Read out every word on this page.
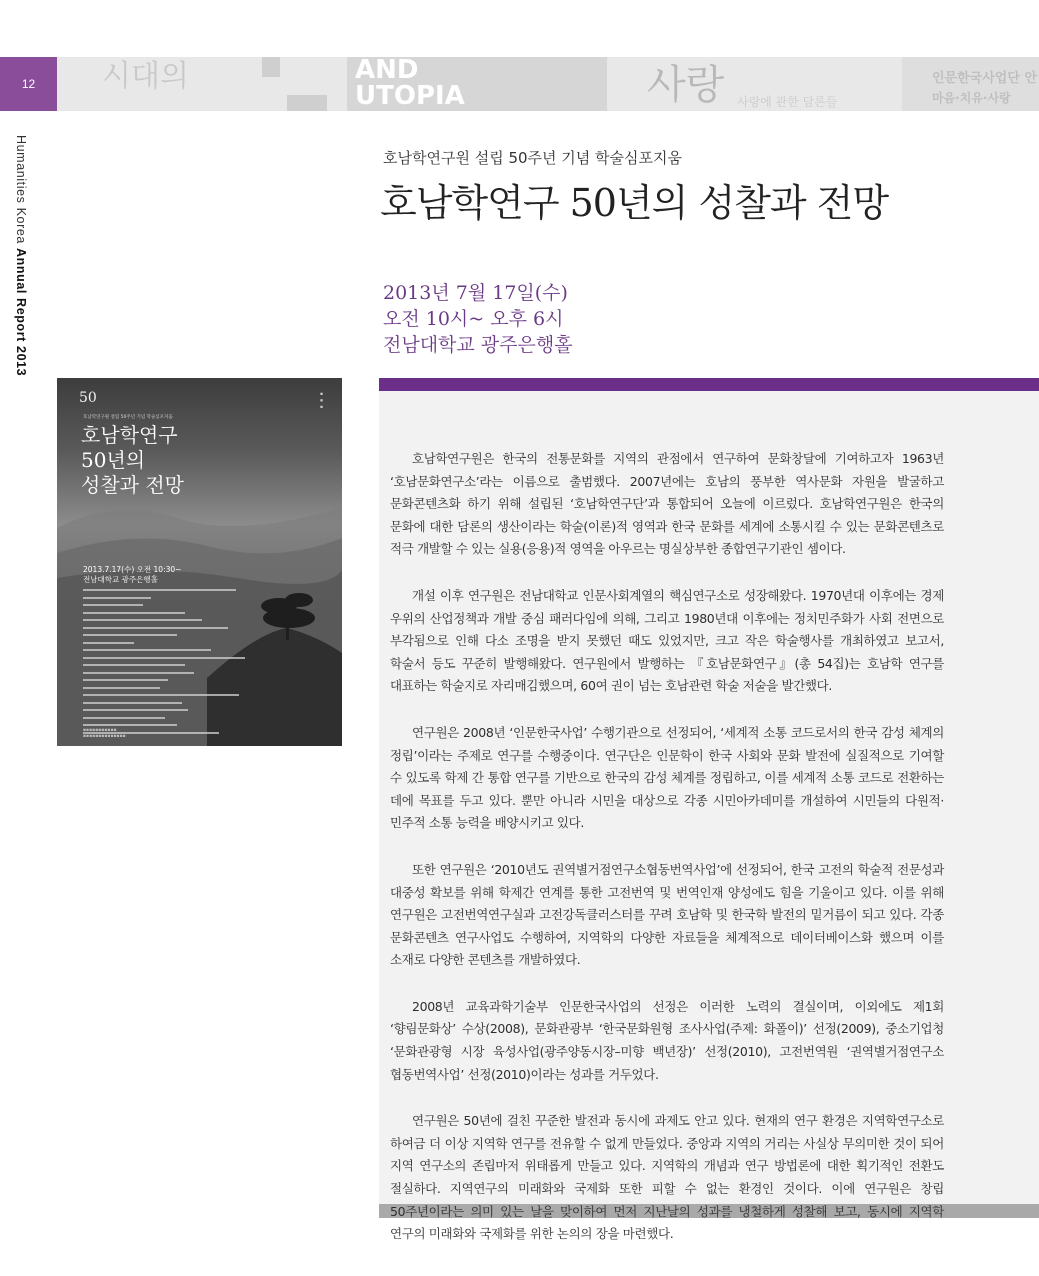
12	시대의	AND
UTOPIA	사랑 사랑에 관한 담론들
인문한국사업단 안
마음·치유·사랑
Humanities Korea Annual Report 2013
호남학연구원 설립 50주년 기념 학술심포지움
호남학연구 50년의 성찰과 전망
2013년 7월 17일(수)
오전 10시~ 오후 6시
전남대학교 광주은행홀
50
호남학연구원 설립 50주년 기념 학술심포지움
▪ ▪ ▪
호남학연구
50년의
성찰과 전망
2013.7.17(수) 오전 10:30~
전남대학교 광주은행홀
▪▪▪▪▪▪▪▪▪▪▪
▪▪▪▪▪▪▪▪▪▪▪▪▪▪

호남학연구원은 한국의 전통문화를 지역의 관점에서 연구하여 문화창달에 기여하고자 1963년 ‘호남문화연구소’라는 이름으로 출범했다. 2007년에는 호남의 풍부한 역사문화 자원을 발굴하고 문화콘텐츠화 하기 위해 설립된 ‘호남학연구단’과 통합되어 오늘에 이르렀다. 호남학연구원은 한국의 문화에 대한 담론의 생산이라는 학술(이론)적 영역과 한국 문화를 세계에 소통시킬 수 있는 문화콘텐츠로 적극 개발할 수 있는 실용(응용)적 영역을 아우르는 명실상부한 종합연구기관인 셈이다.

개설 이후 연구원은 전남대학교 인문사회계열의 핵심연구소로 성장해왔다. 1970년대 이후에는 경제 우위의 산업정책과 개발 중심 패러다임에 의해, 그리고 1980년대 이후에는 정치민주화가 사회 전면으로 부각됨으로 인해 다소 조명을 받지 못했던 때도 있었지만, 크고 작은 학술행사를 개최하였고 보고서, 학술서 등도 꾸준히 발행해왔다. 연구원에서 발행하는 『호남문화연구』(총 54집)는 호남학 연구를 대표하는 학술지로 자리매김했으며, 60여 권이 넘는 호남관련 학술 저술을 발간했다.

연구원은 2008년 ‘인문한국사업’ 수행기관으로 선정되어, ‘세계적 소통 코드로서의 한국 감성 체계의 정립’이라는 주제로 연구를 수행중이다. 연구단은 인문학이 한국 사회와 문화 발전에 실질적으로 기여할 수 있도록 학제 간 통합 연구를 기반으로 한국의 감성 체계를 정립하고, 이를 세계적 소통 코드로 전환하는 데에 목표를 두고 있다. 뿐만 아니라 시민을 대상으로 각종 시민아카데미를 개설하여 시민들의 다원적·민주적 소통 능력을 배양시키고 있다.

또한 연구원은 ‘2010년도 권역별거점연구소협동번역사업’에 선정되어, 한국 고전의 학술적 전문성과 대중성 확보를 위해 학제간 연계를 통한 고전번역 및 번역인재 양성에도 힘을 기울이고 있다. 이를 위해 연구원은 고전번역연구실과 고전강독클러스터를 꾸려 호남학 및 한국학 발전의 밑거름이 되고 있다. 각종 문화콘텐츠 연구사업도 수행하여, 지역학의 다양한 자료들을 체계적으로 데이터베이스화 했으며 이를 소재로 다양한 콘텐츠를 개발하였다.

2008년 교육과학기술부 인문한국사업의 선정은 이러한 노력의 결실이며, 이외에도 제1회 ‘향림문화상’ 수상(2008), 문화관광부 ‘한국문화원형 조사사업(주제: 화폴이)’ 선정(2009), 중소기업청 ‘문화관광형 시장 육성사업(광주양동시장–미향 백년장)’ 선정(2010), 고전번역원 ‘권역별거점연구소 협동번역사업’ 선정(2010)이라는 성과를 거두었다.

연구원은 50년에 걸친 꾸준한 발전과 동시에 과제도 안고 있다. 현재의 연구 환경은 지역학연구소로 하여금 더 이상 지역학 연구를 전유할 수 없게 만들었다. 중앙과 지역의 거리는 사실상 무의미한 것이 되어 지역 연구소의 존립마저 위태롭게 만들고 있다. 지역학의 개념과 연구 방법론에 대한 획기적인 전환도 절실하다. 지역연구의 미래화와 국제화 또한 피할 수 없는 환경인 것이다. 이에 연구원은 창립 50주년이라는 의미 있는 날을 맞이하여 먼저 지난날의 성과를 냉철하게 성찰해 보고, 동시에 지역학 연구의 미래화와 국제화를 위한 논의의 장을 마련했다.
